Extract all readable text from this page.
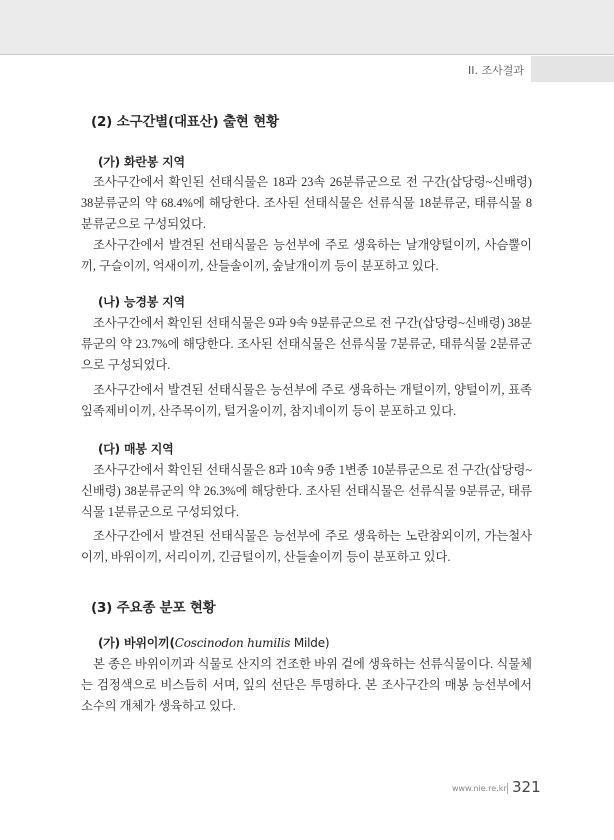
II. 조사결과
(2) 소구간별(대표산) 출현 현황
(가) 화란봉 지역

조사구간에서 확인된 선태식물은 18과 23속 26분류군으로 전 구간(삽당령~신배령) 38분류군의 약 68.4%에 해당한다. 조사된 선태식물은 선류식물 18분류군, 태류식물 8분류군으로 구성되었다.

조사구간에서 발견된 선태식물은 능선부에 주로 생육하는 날개양털이끼, 사슴뿔이끼, 구슬이끼, 억새이끼, 산들솔이끼, 숲날개이끼 등이 분포하고 있다.

(나) 능경봉 지역

조사구간에서 확인된 선태식물은 9과 9속 9분류군으로 전 구간(삽당령~신배령) 38분류군의 약 23.7%에 해당한다. 조사된 선태식물은 선류식물 7분류군, 태류식물 2분류군으로 구성되었다.

조사구간에서 발견된 선태식물은 능선부에 주로 생육하는 개털이끼, 양털이끼, 표족잎족제비이끼, 산주목이끼, 털거울이끼, 참지네이끼 등이 분포하고 있다.

(다) 매봉 지역

조사구간에서 확인된 선태식물은 8과 10속 9종 1변종 10분류군으로 전 구간(삽당령~신배령) 38분류군의 약 26.3%에 해당한다. 조사된 선태식물은 선류식물 9분류군, 태류식물 1분류군으로 구성되었다.

조사구간에서 발견된 선태식물은 능선부에 주로 생육하는 노란참외이끼, 가는철사이끼, 바위이끼, 서리이끼, 긴금털이끼, 산들솔이끼 등이 분포하고 있다.

(3) 주요종 분포 현황
(가) 바위이끼(Coscinodon humilis Milde)

본 종은 바위이끼과 식물로 산지의 건조한 바위 겉에 생육하는 선류식물이다. 식물체는 검정색으로 비스듬히 서며, 잎의 선단은 투명하다. 본 조사구간의 매봉 능선부에서 소수의 개체가 생육하고 있다.

www.nie.re.kr 321
